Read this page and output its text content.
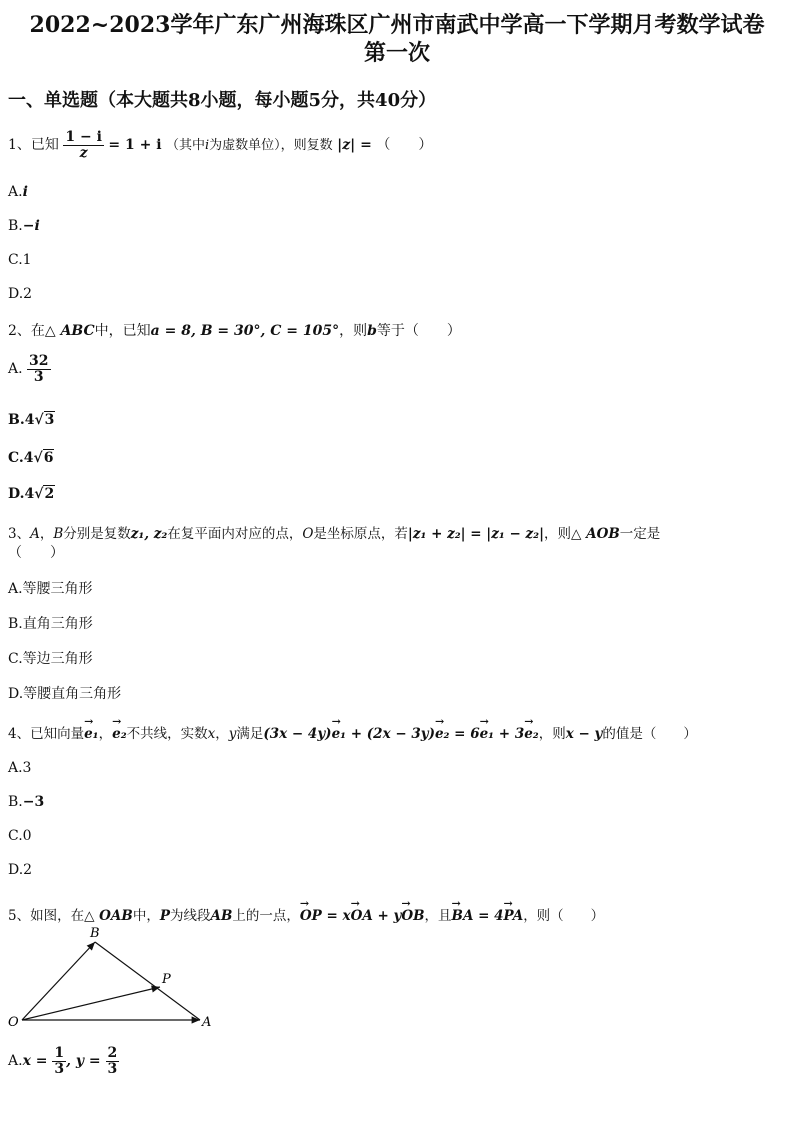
2022~2023学年广东广州海珠区广州市南武中学高一下学期月考数学试卷
第一次
一、单选题（本大题共8小题，每小题5分，共40分）
1、已知 $\frac{1 - i}{z} = 1 + i$ （其中i为虚数单位），则复数 |z| = （　　）
A.i
B.−i
C.1
D.2
2、在△ ABC中，已知a = 8, B = 30°, C = 105°，则b等于（　　）
A. $\frac{32}{3}$
B.4√3
C.4√6
D.4√2
3、A，B分别是复数z₁, z₂在复平面内对应的点，O是坐标原点，若|z₁ + z₂| = |z₁ − z₂|，则△ AOB一定是
（　　）
A.等腰三角形
B.直角三角形
C.等边三角形
D.等腰直角三角形
4、已知向量→ e₁，→ e₂不共线，实数x，y满足(3x − 4y)→ e₁ + (2x − 3y)→ e₂ = 6→ e₁ + 3→ e₂，则x − y的值是（　　）
A.3
B.−3
C.0
D.2
5、如图，在△ OAB中，P为线段AB上的一点，→ OP = x→ OA + y→ OB，且→ BA = 4→ PA，则（　　）
B
P
O	A
$A.x = \frac{1}{3}$ , $y = \frac{2}{3}$
